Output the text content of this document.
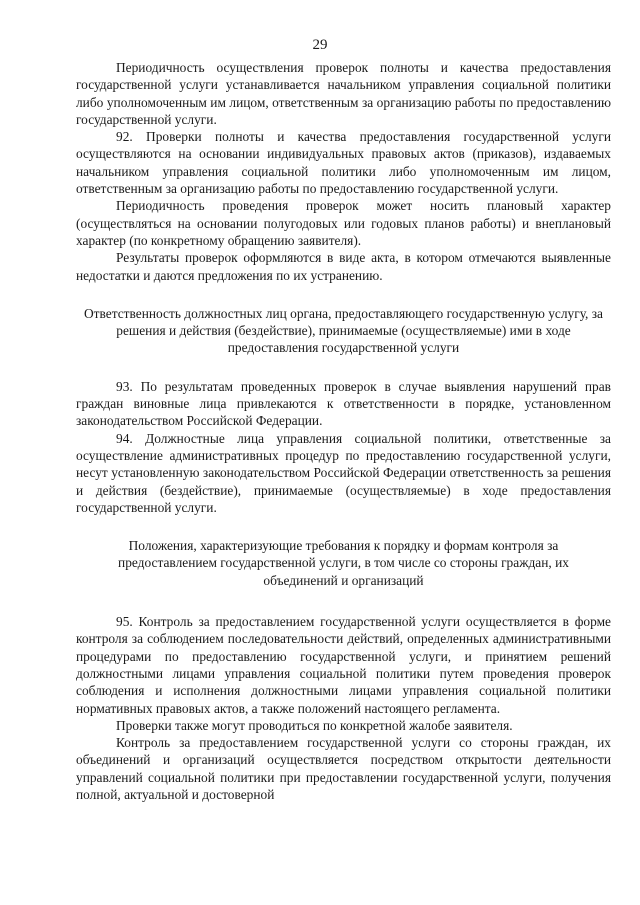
29

Периодичность осуществления проверок полноты и качества предоставления государственной услуги устанавливается начальником управления социальной политики либо уполномоченным им лицом, ответственным за организацию работы по предоставлению государственной услуги.

92. Проверки полноты и качества предоставления государственной услуги осуществляются на основании индивидуальных правовых актов (приказов), издаваемых начальником управления социальной политики либо уполномоченным им лицом, ответственным за организацию работы по предоставлению государственной услуги.

Периодичность проведения проверок может носить плановый характер (осуществляться на основании полугодовых или годовых планов работы) и внеплановый характер (по конкретному обращению заявителя).

Результаты проверок оформляются в виде акта, в котором отмечаются выявленные недостатки и даются предложения по их устранению.

Ответственность должностных лиц органа, предоставляющего государственную услугу, за решения и действия (бездействие), принимаемые (осуществляемые) ими в ходе предоставления государственной услуги

93. По результатам проведенных проверок в случае выявления нарушений прав граждан виновные лица привлекаются к ответственности в порядке, установленном законодательством Российской Федерации.

94. Должностные лица управления социальной политики, ответственные за осуществление административных процедур по предоставлению государственной услуги, несут установленную законодательством Российской Федерации ответственность за решения и действия (бездействие), принимаемые (осуществляемые) в ходе предоставления государственной услуги.

Положения, характеризующие требования к порядку и формам контроля за предоставлением государственной услуги, в том числе со стороны граждан, их объединений и организаций

95. Контроль за предоставлением государственной услуги осуществляется в форме контроля за соблюдением последовательности действий, определенных административными процедурами по предоставлению государственной услуги, и принятием решений должностными лицами управления социальной политики путем проведения проверок соблюдения и исполнения должностными лицами управления социальной политики нормативных правовых актов, а также положений настоящего регламента.

Проверки также могут проводиться по конкретной жалобе заявителя.

Контроль за предоставлением государственной услуги со стороны граждан, их объединений и организаций осуществляется посредством открытости деятельности управлений социальной политики при предоставлении государственной услуги, получения полной, актуальной и достоверной
